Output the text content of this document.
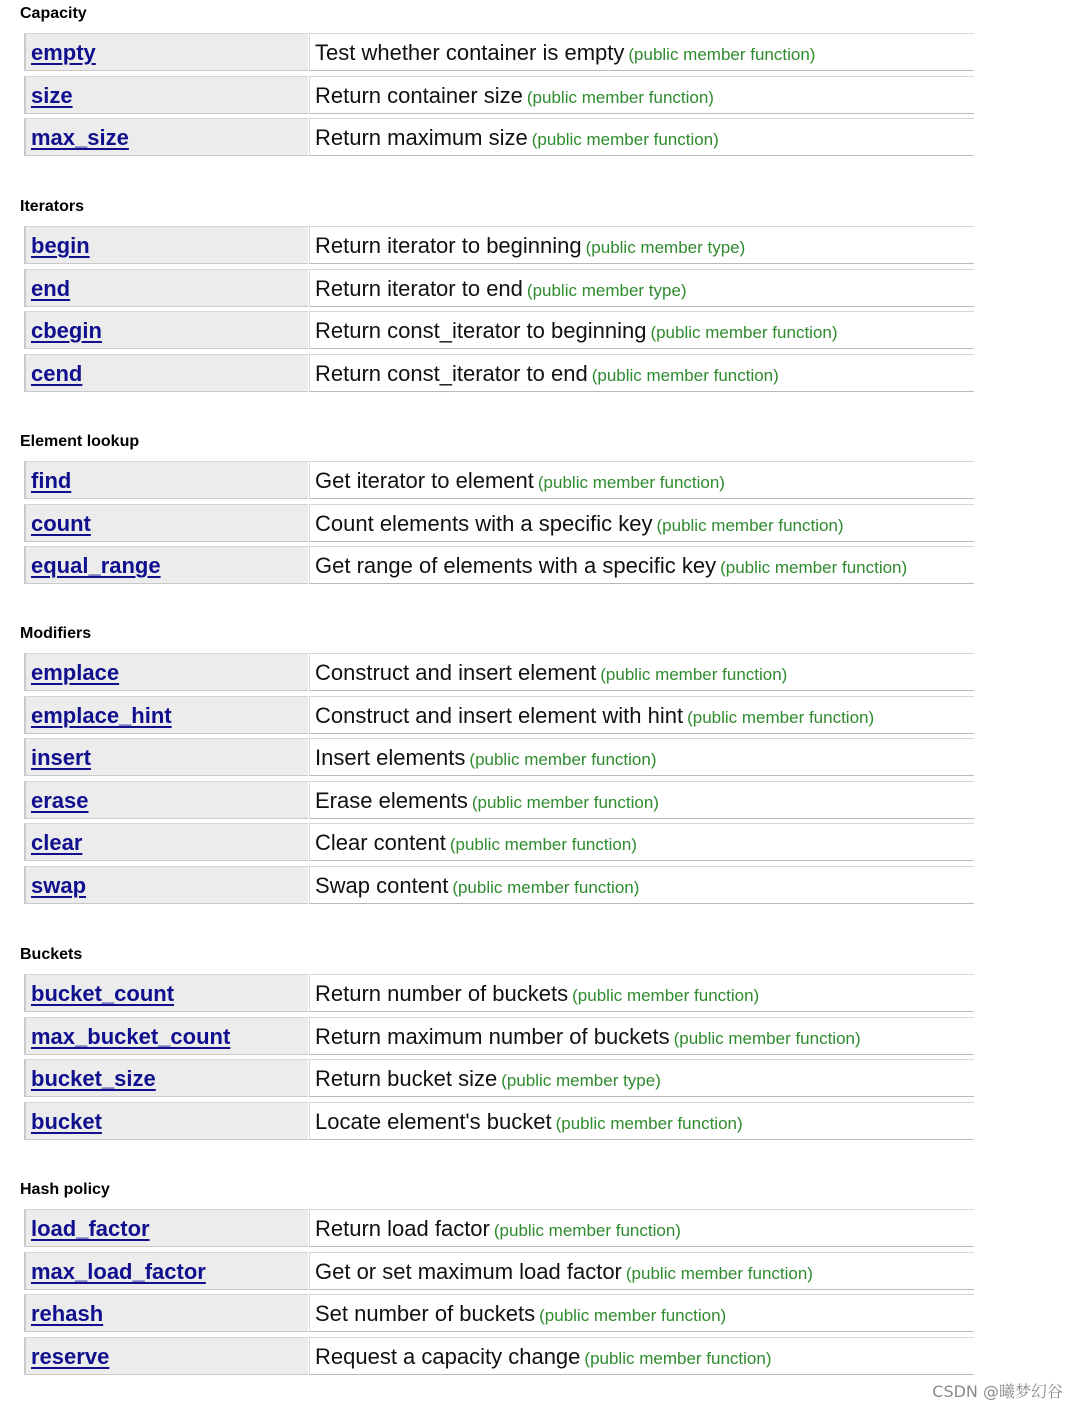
Capacity
empty	Test whether container is empty (public member function)
size	Return container size (public member function)
max_size	Return maximum size (public member function)
Iterators
begin	Return iterator to beginning (public member type)
end	Return iterator to end (public member type)
cbegin	Return const_iterator to beginning (public member function)
cend	Return const_iterator to end (public member function)
Element lookup
find	Get iterator to element (public member function)
count	Count elements with a specific key (public member function)
equal_range	Get range of elements with a specific key (public member function)
Modifiers
emplace	Construct and insert element (public member function)
emplace_hint	Construct and insert element with hint (public member function)
insert	Insert elements (public member function)
erase	Erase elements (public member function)
clear	Clear content (public member function)
swap	Swap content (public member function)
Buckets
bucket_count	Return number of buckets (public member function)
max_bucket_count	Return maximum number of buckets (public member function)
bucket_size	Return bucket size (public member type)
bucket	Locate element's bucket (public member function)
Hash policy
load_factor	Return load factor (public member function)
max_load_factor	Get or set maximum load factor (public member function)
rehash	Set number of buckets (public member function)
reserve	Request a capacity change (public member function)
CSDN @曦梦幻谷
